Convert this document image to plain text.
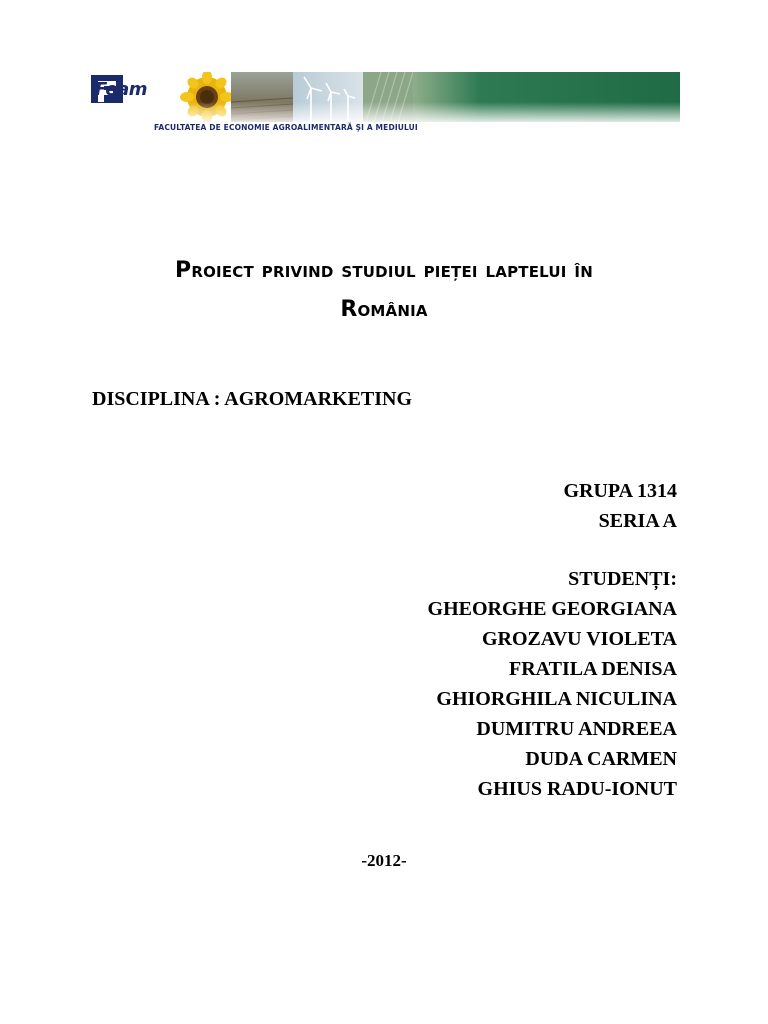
Feam
FACULTATEA DE ECONOMIE AGROALIMENTARĂ ŞI A MEDIULUI
Proiect privind studiul pieței laptelui în
România
DISCIPLINA : AGROMARKETING
GRUPA 1314
SERIA A
STUDENȚI:
GHEORGHE GEORGIANA
GROZAVU VIOLETA
FRATILA DENISA
GHIORGHILA NICULINA
DUMITRU ANDREEA
DUDA CARMEN
GHIUS RADU-IONUT
-2012-
